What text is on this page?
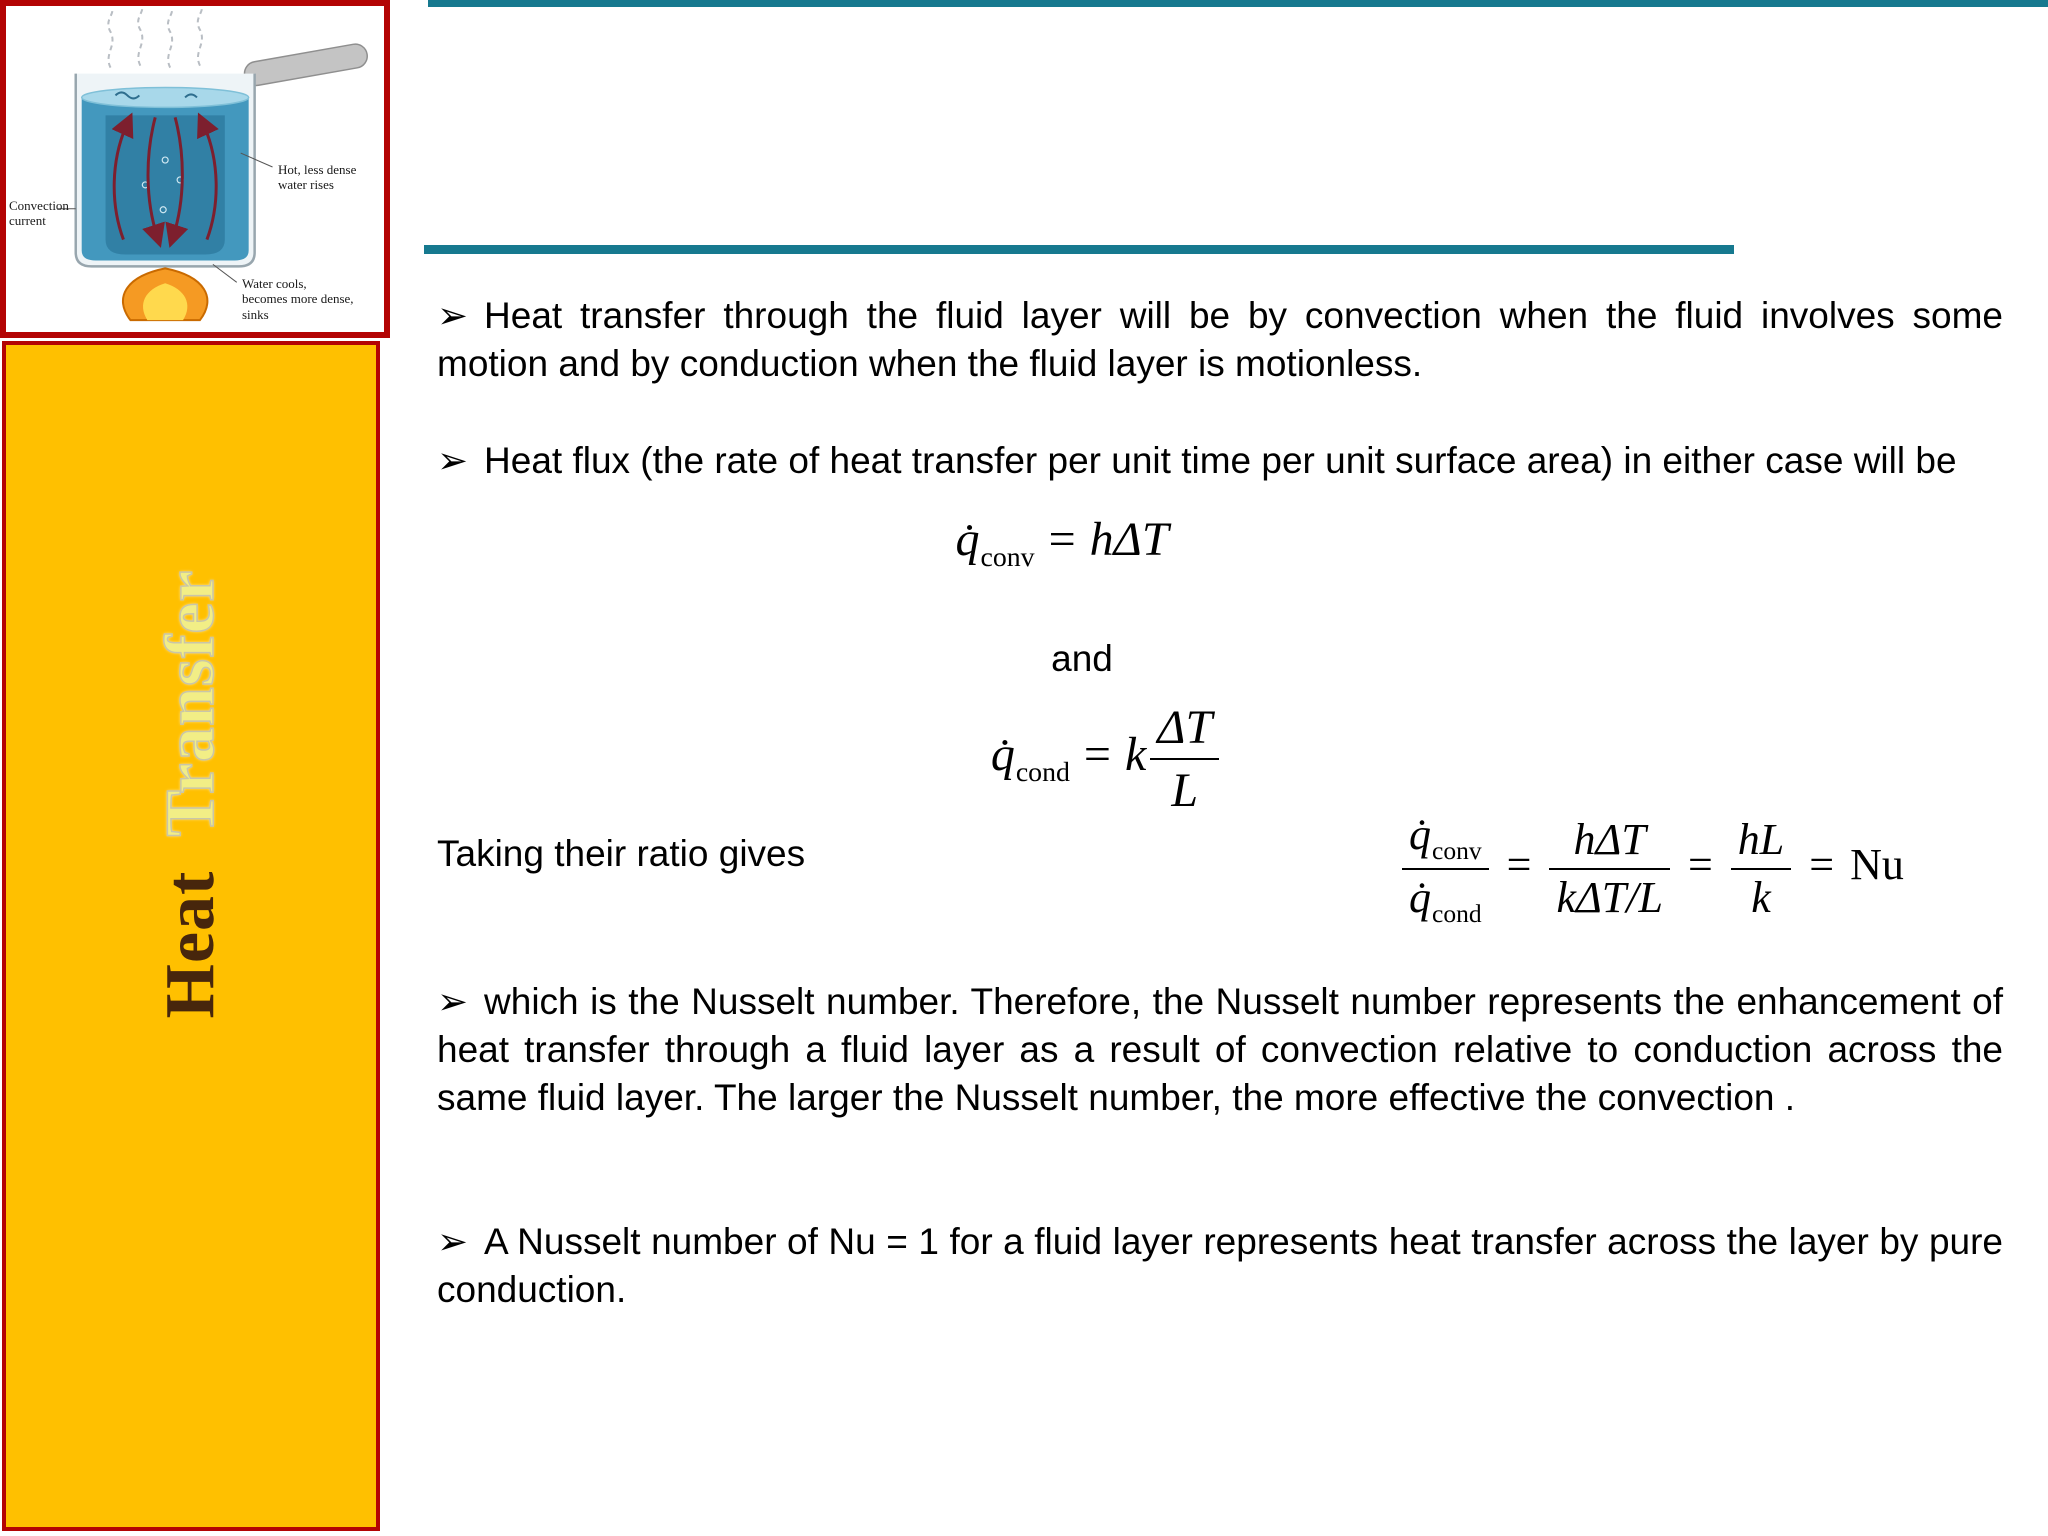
Convection
current
Hot, less dense
water rises
Water cools,
becomes more dense,
sinks
HeatTransfer

➢ Heat transfer through the fluid layer will be by convection when the fluid involves some motion and by conduction when the fluid layer is motionless.

➢ Heat flux (the rate of heat transfer per unit time per unit surface area) in either case will be

$q̇_{conv} = h\Delta T$
and
$q̇_{cond} = k \frac{\Delta T}{L}$
Taking their ratio gives	$\frac{q̇_{conv}}{q̇_{cond}} = \frac{\text{hΔT}}{\text{kΔT/L}} = \frac{hL}{k} = Nu$

➢ which is the Nusselt number. Therefore, the Nusselt number represents the enhancement of heat transfer through a fluid layer as a result of convection relative to conduction across the same fluid layer. The larger the Nusselt number, the more effective the convection .

➢ A Nusselt number of Nu = 1 for a fluid layer represents heat transfer across the layer by pure conduction.
